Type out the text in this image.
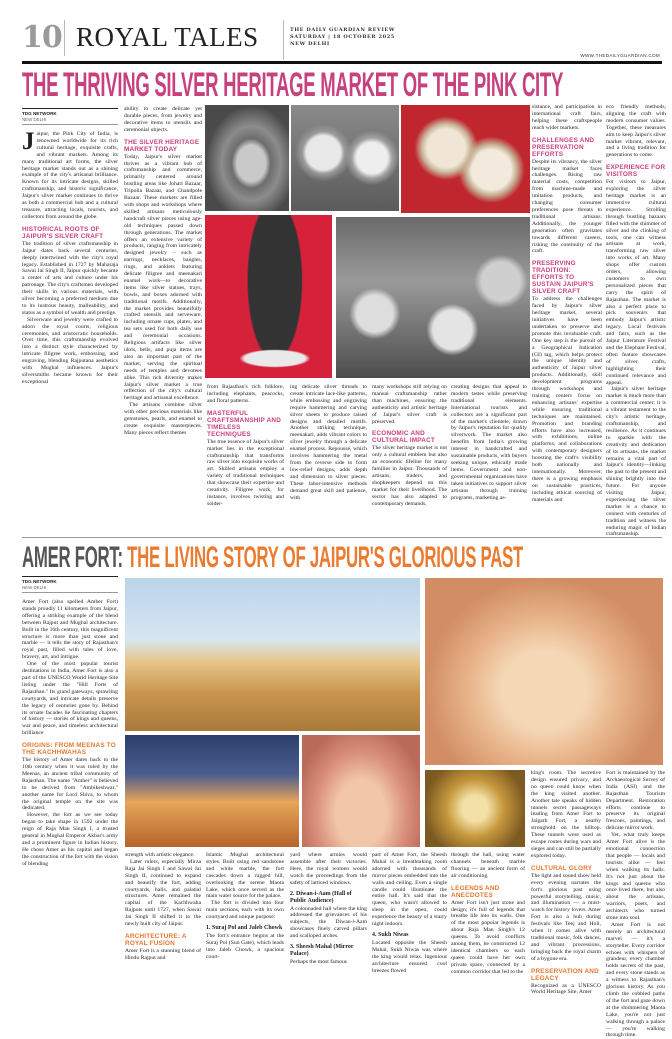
10 ROYAL TALES	THE DAILY GUARDIAN REVIEW
SATURDAY | 18 OCTOBER 2025
NEW DELHI
WWW.THEDAILYGUARDIAN.COM
THE THRIVING SILVER HERITAGE MARKET OF THE PINK CITY
TDG NETWORK
NEW DELHI

Jaipur, the Pink City of India, is renowned worldwide for its rich cultural heritage, exquisite crafts, and vibrant markets. Among its many traditional art forms, the silver heritage market stands out as a shining example of the city's artisanal brilliance. Known for its intricate designs, skilled craftsmanship, and historic significance, Jaipur's silver market continues to thrive as both a commercial hub and a cultural treasure, attracting locals, tourists, and collectors from around the globe.

HISTORICAL ROOTS OF JAIPUR'S SILVER CRAFT

The tradition of silver craftsmanship in Jaipur dates back several centuries, deeply intertwined with the city's royal legacy. Established in 1727 by Maharaja Sawai Jai Singh II, Jaipur quickly became a center of arts and culture under his patronage. The city's craftsmen developed their skills in various materials, with silver becoming a preferred medium due to its lustrous beauty, malleability, and status as a symbol of wealth and prestige.

Silverware and jewelry were crafted to adorn the royal courts, religious ceremonies, and aristocratic households. Over time, this craftsmanship evolved into a distinct style characterized by intricate filigree work, embossing, and engraving, blending Rajputana aesthetics with Mughal influences. Jaipur's silversmiths became known for their exceptional

ability to create delicate yet durable pieces, from jewelry and decorative items to utensils and ceremonial objects.

THE SILVER HERITAGE MARKET TODAY

Today, Jaipur's silver market thrives as a vibrant hub of craftsmanship and commerce, primarily centered around bustling areas like Johari Bazaar, Tripolia Bazaar, and Chandpole Bazaar. These markets are filled with shops and workshops where skilled artisans meticulously handcraft silver pieces using age-old techniques passed down through generations. The market offers an extensive variety of products, ranging from intricately designed jewelry – such as earrings, necklaces, bangles, rings, and anklets featuring delicate filigree and meenakari enamel work—to decorative items like silver statues, trays, bowls, and boxes adorned with traditional motifs. Additionally, the market provides beautifully crafted utensils and serveware, including ornate cups, plates, and tea sets used for both daily use and ceremonial occasions. Religious artifacts like silver idols, bells, and puja items are also an important part of the market, serving the spiritual needs of temples and devotees alike. This rich diversity makes Jaipur's silver market a true reflection of the city's cultural heritage and artisanal excellence.

The artisans combine silver with other precious materials like gemstones, pearls, and enamel to create exquisite masterpieces. Many pieces reflect themes

from Rajasthan's rich folklore, including elephants, peacocks, and floral patterns.

MASTERFUL CRAFTSMANSHIP AND TIMELESS TECHNIQUES

The true essence of Jaipur's silver market lies in the exceptional craftsmanship that transforms raw silver into exquisite works of art. Skilled artisans employ a variety of traditional techniques that showcase their expertise and creativity. Filigree work, for instance, involves twisting and solder-

ing delicate silver threads to create intricate lace-like patterns, while embossing and engraving require hammering and carving silver sheets to produce raised designs and detailed motifs. Another striking technique, meenakari, adds vibrant colors to silver jewelry through a delicate enamel process. Repoussé, which involves hammering the metal from the reverse side to form low-relief designs, adds depth and dimension to silver pieces. These labor-intensive methods demand great skill and patience, with

many workshops still relying on manual craftsmanship rather than machines, ensuring the authenticity and artistic heritage of Jaipur's silver craft is preserved.

ECONOMIC AND CULTURAL IMPACT

The silver heritage market is not only a cultural emblem but also an economic lifeline for many families in Jaipur. Thousands of artisans, traders, and shopkeepers depend on this market for their livelihood. The sector has also adapted to contemporary demands,

creating designs that appeal to modern tastes while preserving traditional elements. International tourists and collectors are a significant part of the market's clientele, drawn by Jaipur's reputation for quality silverwork. The market also benefits from India's growing interest in handcrafted and sustainable products, with buyers seeking unique, ethically made items. Government and non-governmental organizations have taken initiatives to support silver artisans through training programs, marketing as-

sistance, and participation in international craft fairs, helping these craftspeople reach wider markets.

CHALLENGES AND PRESERVATION EFFORTS

Despite its vibrancy, the silver heritage market faces challenges. Rising raw material costs, competition from machine-made and imitation products, and changing consumer preferences pose threats to traditional artisans. Additionally, the younger generation often gravitates towards different careers, risking the continuity of the craft.

PRESERVING TRADITION: EFFORTS TO SUSTAIN JAIPUR'S SILVER CRAFT

To address the challenges faced by Jaipur's silver heritage market, several initiatives have been undertaken to preserve and promote this invaluable craft. One key step is the pursuit of a Geographical Indication (GI) tag, which helps protect the unique identity and authenticity of Jaipur silver products. Additionally, skill development programs through workshops and training centers focus on enhancing artisans' expertise while ensuring traditional techniques are maintained. Promotion and branding efforts have also increased, with exhibitions, online platforms, and collaborations with contemporary designers boosting the craft's visibility both nationally and internationally. Moreover, there is a growing emphasis on sustainable practices, including ethical sourcing of materials and

eco friendly methods, aligning the craft with modern consumer values. Together, these measures aim to keep Jaipur's silver market vibrant, relevant, and a living tradition for generations to come.

EXPERIENCE FOR VISITORS

For visitors to Jaipur, exploring the silver heritage market is an immersive cultural experience. Strolling through bustling bazaars filled with the shimmer of silver and the clinking of tools, one can witness artisans at work, transforming raw silver into works of art. Many shops offer custom orders, allowing customers to own personalized pieces that carry the spirit of Rajasthan. The market is also a perfect place to pick souvenirs that embody Jaipur's artistic legacy. Local festivals and fairs, such as the Jaipur Literature Festival and the Elephant Festival, often feature showcases of silver crafts, highlighting their continued relevance and appeal.

Jaipur's silver heritage market is much more than a commercial center; it is a vibrant testament to the city's artistic heritage, craftsmanship, and resilience. As it continues to sparkle with the creativity and dedication of its artisans, the market remains a vital part of Jaipur's identity—linking the past to the present and shining brightly into the future. For anyone visiting Jaipur, experiencing the silver market is a chance to connect with centuries of tradition and witness the enduring magic of Indian craftsmanship.

AMER FORT: THE LIVING STORY OF JAIPUR'S GLORIOUS PAST
TDG NETWORK
NEW DELHI

Amer Fort (also spelled Amber Fort) stands proudly 11 kilometers from Jaipur, offering a striking example of the blend between Rajput and Mughal architecture. Built in the 16th century, this magnificent structure is more than just stone and marble — it tells the story of Rajasthan's royal past, filled with tales of love, bravery, art, and intrigue.

One of the most popular tourist destinations in India, Amer Fort is also a part of the UNESCO World Heritage Site listing under the "Hill Forts of Rajasthan." Its grand gateways, sprawling courtyards, and intricate details preserve the legacy of centuries gone by. Behind its ornate facades lie fascinating chapters of history — stories of kings and queens, war and peace, and timeless architectural brilliance

ORIGINS: FROM MEENAS TO THE KACHHWAHAS

The history of Amer dates back to the 10th century when it was ruled by the Meenas, an ancient tribal community of Rajasthan. The name "Amber" is believed to be derived from "Ambikeshwar," another name for Lord Shiva, to whom the original temple on the site was dedicated.

However, the fort as we see today began to take shape in 1592 under the reign of Raja Man Singh I, a trusted general in Mughal Emperor Akbar's army and a prominent figure in Indian history. He chose Amer as his capital and began the construction of the fort with the vision of blending

strength with artistic elegance.

Later rulers, especially Mirza Raja Jai Singh I and Sawai Jai Singh II, continued to expand and beautify the fort, adding courtyards, halls, and palatial structures. Amer remained the capital of the Kachhwaha Rajputs until 1727, when Sawai Jai Singh II shifted it to the newly built city of Jaipur.

ARCHITECTURE: A ROYAL FUSION

Amer Fort is a stunning blend of Hindu Rajput and

Islamic Mughal architectural styles. Built using red sandstone and white marble, the fort cascades down a rugged hill, overlooking the serene Maota Lake, which once served as the main water source for the palace.

The fort is divided into four main sections, each with its own courtyard and unique purpose:

1. Suraj Pol and Jaleb Chowk

The fort's entrance begins at the Suraj Pol (Sun Gate), which leads into Jaleb Chowk, a spacious court-

yard where armies would assemble after their victories. Here, the royal women would watch the proceedings from the safety of latticed windows.

2. Diwan-i-Aam (Hall of Public Audience)

A colonnaded hall where the king addressed the grievances of his subjects, the Diwan-i-Aam showcases finely carved pillars and scalloped arches.

3. Sheesh Mahal (Mirror Palace)

Perhaps the most famous

part of Amer Fort, the Sheesh Mahal is a breathtaking room adorned with thousands of mirror pieces embedded into the walls and ceiling. Even a single candle could illuminate the entire hall. It's said that the queen, who wasn't allowed to sleep in the open, could experience the beauty of a starry night indoors.

4. Sukh Niwas

Located opposite the Sheesh Mahal, Sukh Niwas was where the king would relax. Ingenious architecture ensured cool breezes flowed

through the hall, using water channels beneath marble flooring — an ancient form of air conditioning.

LEGENDS AND ANECDOTES

Amer Fort isn't just stone and design; it's full of legends that breathe life into its walls. One of the most popular legends is about Raja Man Singh's 12 queens. To avoid conflicts among them, he constructed 12 identical chambers so each queen could have her own private space, connected by a common corridor that led to the

king's room. The secretive design ensured privacy, and no queen could know when the king visited another. Another tale speaks of hidden tunnels secret passageways leading from Amer Fort to Jaigarh Fort, a nearby stronghold on the hilltop. These tunnels were used as escape routes during wars and sieges and can still be partially explored today.

CULTURAL GLORY

The light and sound show held every evening narrates the fort's glorious past using powerful storytelling, music, and illumination — a must-watch for history lovers. Amer Fort is also a hub during festivals like Teej and Holi, when it comes alive with traditional music, folk dances, and vibrant processions, bringing back the royal charm of a bygone era.

PRESERVATION AND LEGACY

Recognized as a UNESCO World Heritage Site, Amer

Fort is maintained by the Archaeological Survey of India (ASI) and the Rajasthan Tourism Department. Restoration efforts continue to preserve its original frescoes, paintings, and delicate mirror work.

Yet, what truly keeps Amer Fort alive is the emotional connection that people — locals and tourists alike — feel when walking its halls. It's not just about the kings and queens who once lived there, but also about the artisans, warriors, poets, and architects who turned stone into soul.

Amer Fort is not merely an architectural marvel — it's a storyteller. Every corridor echoes with whispers of grandeur, every chamber holds secrets of the past, and every stone stands as a witness to Rajasthan's glorious history. As you climb the cobbled paths of the fort and gaze down at the shimmering Maota Lake, you're not just walking through a palace — you're walking through time.
